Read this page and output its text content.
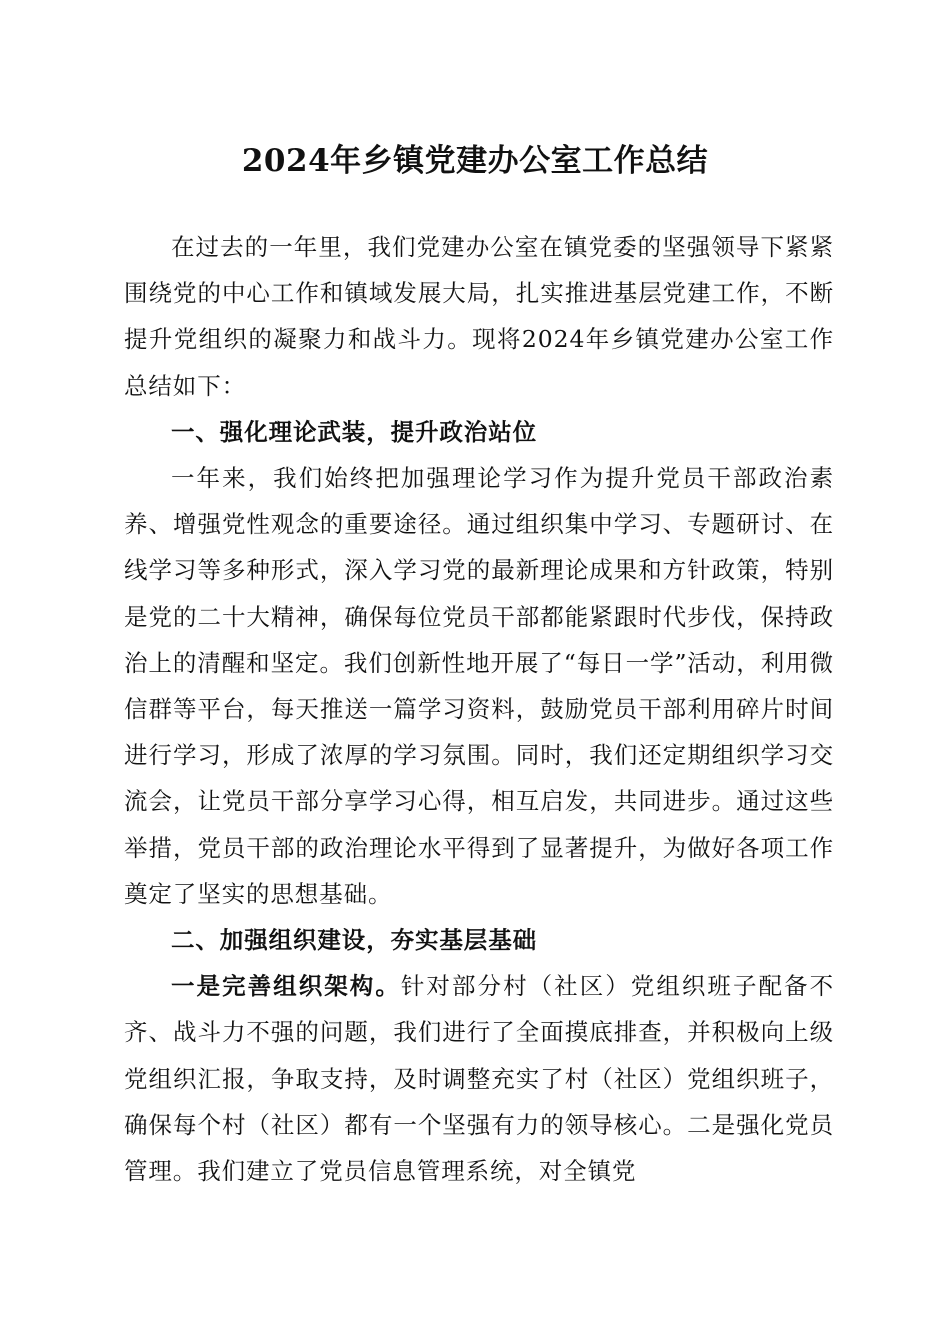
2024年乡镇党建办公室工作总结

在过去的一年里，我们党建办公室在镇党委的坚强领导下紧紧围绕党的中心工作和镇域发展大局，扎实推进基层党建工作，不断提升党组织的凝聚力和战斗力。现将2024年乡镇党建办公室工作总结如下：

一、强化理论武装，提升政治站位

一年来，我们始终把加强理论学习作为提升党员干部政治素养、增强党性观念的重要途径。通过组织集中学习、专题研讨、在线学习等多种形式，深入学习党的最新理论成果和方针政策，特别是党的二十大精神，确保每位党员干部都能紧跟时代步伐，保持政治上的清醒和坚定。我们创新性地开展了“每日一学”活动，利用微信群等平台，每天推送一篇学习资料，鼓励党员干部利用碎片时间进行学习，形成了浓厚的学习氛围。同时，我们还定期组织学习交流会，让党员干部分享学习心得，相互启发，共同进步。通过这些举措，党员干部的政治理论水平得到了显著提升，为做好各项工作奠定了坚实的思想基础。

二、加强组织建设，夯实基层基础

一是完善组织架构。针对部分村（社区）党组织班子配备不齐、战斗力不强的问题，我们进行了全面摸底排查，并积极向上级党组织汇报，争取支持，及时调整充实了村（社区）党组织班子，确保每个村（社区）都有一个坚强有力的领导核心。二是强化党员管理。我们建立了党员信息管理系统，对全镇党
